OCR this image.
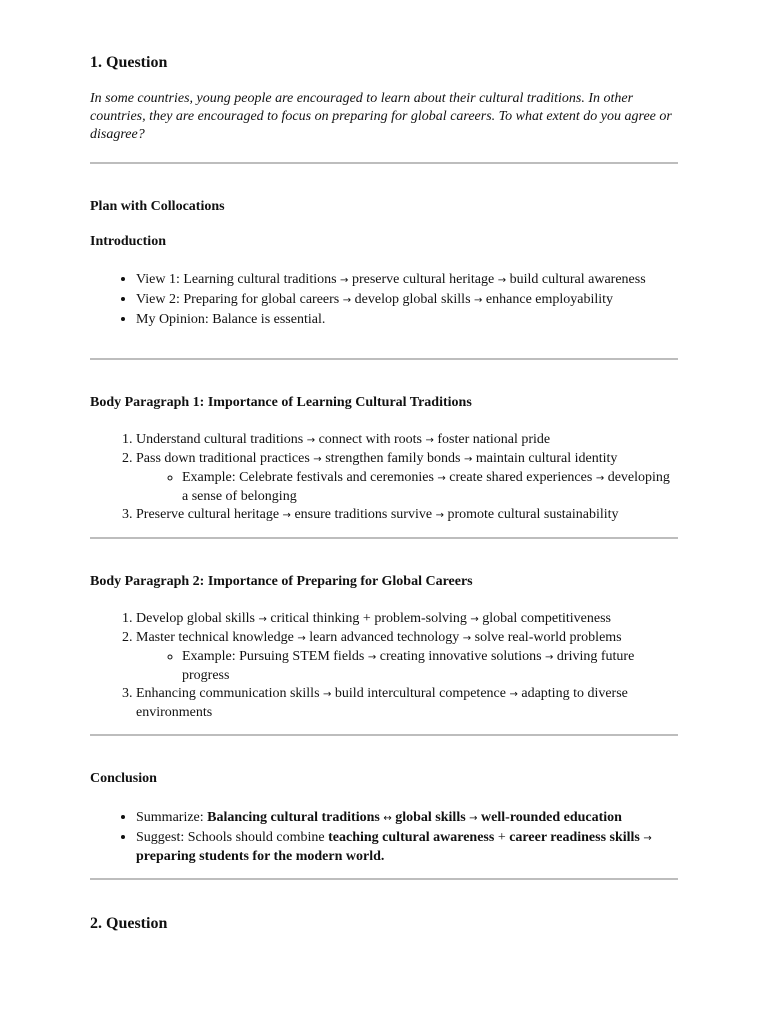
1. Question
In some countries, young people are encouraged to learn about their cultural traditions. In other countries, they are encouraged to focus on preparing for global careers. To what extent do you agree or disagree?
Plan with Collocations
Introduction
• View 1: Learning cultural traditions → preserve cultural heritage → build cultural awareness
• View 2: Preparing for global careers → develop global skills → enhance employability
• My Opinion: Balance is essential.
Body Paragraph 1: Importance of Learning Cultural Traditions
1. Understand cultural traditions → connect with roots → foster national pride
2. Pass down traditional practices → strengthen family bonds → maintain cultural identity
◦ Example: Celebrate festivals and ceremonies → create shared experiences → developing a sense of belonging
3. Preserve cultural heritage → ensure traditions survive → promote cultural sustainability
Body Paragraph 2: Importance of Preparing for Global Careers
1. Develop global skills → critical thinking + problem-solving → global competitiveness
2. Master technical knowledge → learn advanced technology → solve real-world problems
◦ Example: Pursuing STEM fields → creating innovative solutions → driving future progress
3. Enhancing communication skills → build intercultural competence → adapting to diverse environments
Conclusion
• Summarize: Balancing cultural traditions ↔ global skills → well-rounded education
• Suggest: Schools should combine teaching cultural awareness + career readiness skills → preparing students for the modern world.
2. Question
